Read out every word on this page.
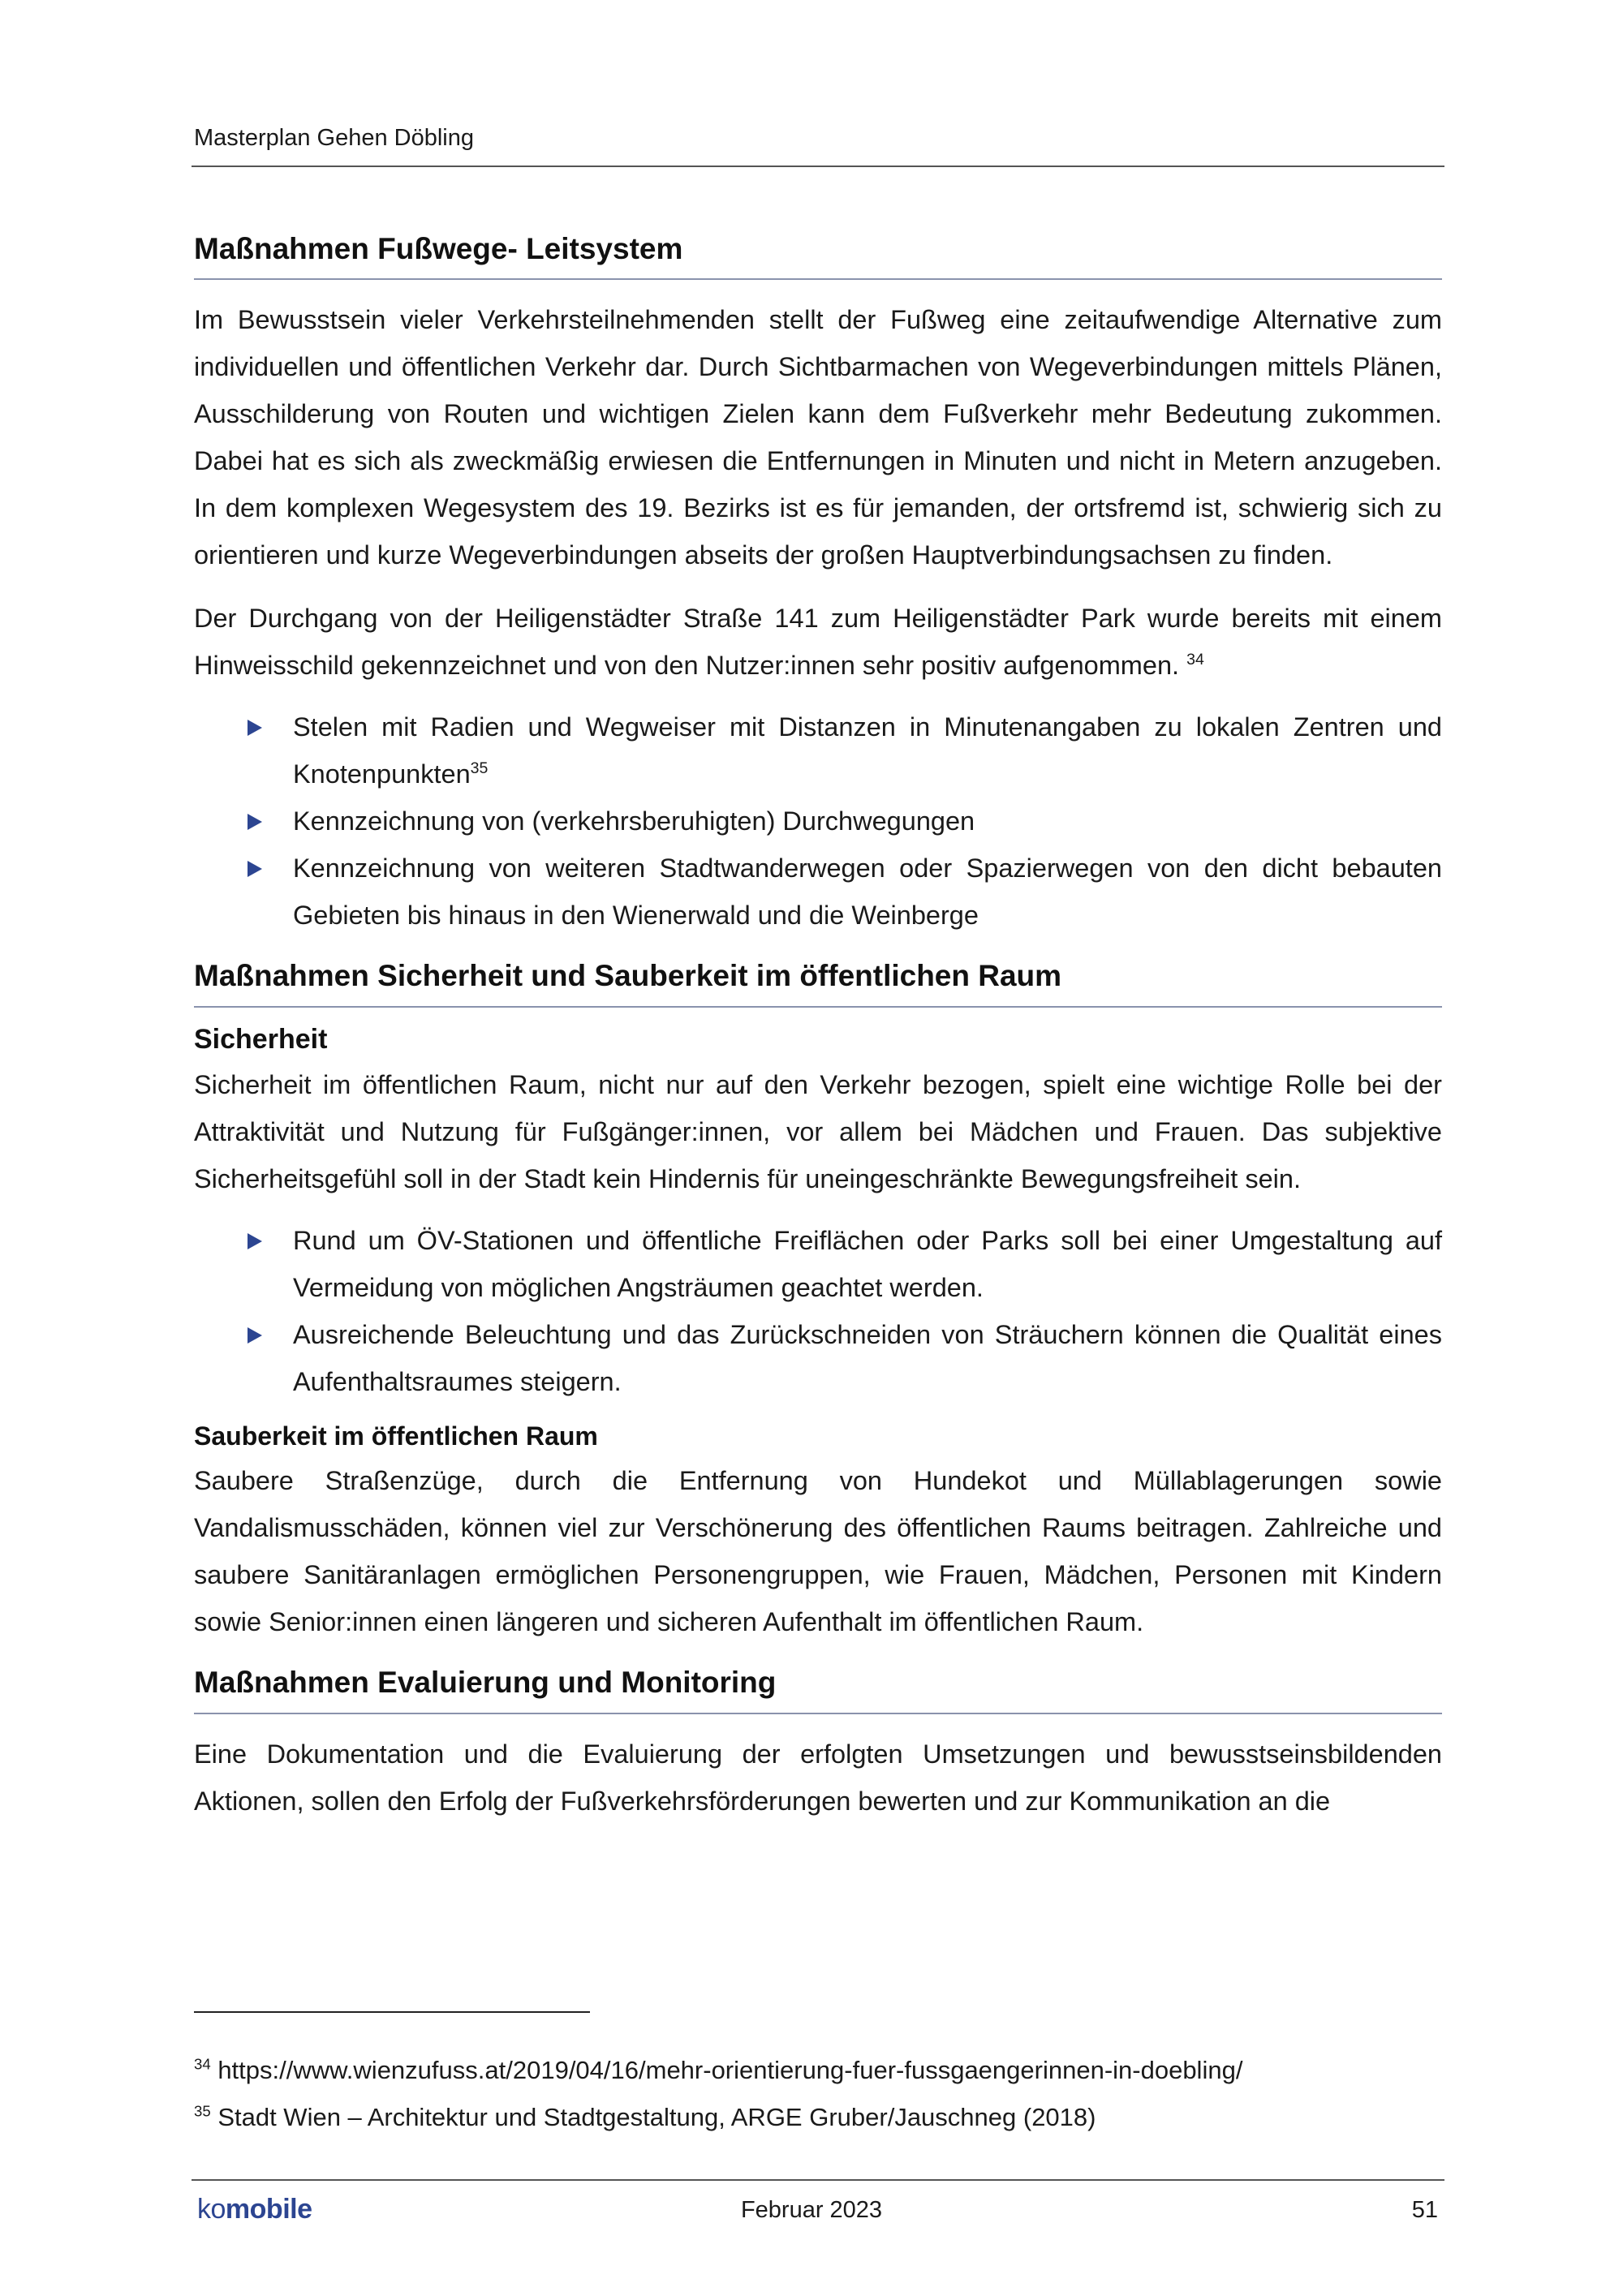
Masterplan Gehen Döbling
Maßnahmen Fußwege- Leitsystem

Im Bewusstsein vieler Verkehrsteilnehmenden stellt der Fußweg eine zeitaufwendige Alternative zum individuellen und öffentlichen Verkehr dar. Durch Sichtbarmachen von Wegeverbindungen mittels Plänen, Ausschilderung von Routen und wichtigen Zielen kann dem Fußverkehr mehr Bedeutung zukommen. Dabei hat es sich als zweckmäßig erwiesen die Entfernungen in Minuten und nicht in Metern anzugeben. In dem komplexen Wegesystem des 19. Bezirks ist es für jemanden, der ortsfremd ist, schwierig sich zu orientieren und kurze Wegeverbindungen abseits der großen Hauptverbindungsachsen zu finden.

Der Durchgang von der Heiligenstädter Straße 141 zum Heiligenstädter Park wurde bereits mit einem Hinweisschild gekennzeichnet und von den Nutzer:innen sehr positiv aufgenommen. $^{34}$

Stelen mit Radien und Wegweiser mit Distanzen in Minutenangaben zu lokalen Zentren und Knotenpunkten$^{35}$
Kennzeichnung von (verkehrsberuhigten) Durchwegungen
Kennzeichnung von weiteren Stadtwanderwegen oder Spazierwegen von den dicht bebauten Gebieten bis hinaus in den Wienerwald und die Weinberge
Maßnahmen Sicherheit und Sauberkeit im öffentlichen Raum
Sicherheit

Sicherheit im öffentlichen Raum, nicht nur auf den Verkehr bezogen, spielt eine wichtige Rolle bei der Attraktivität und Nutzung für Fußgänger:innen, vor allem bei Mädchen und Frauen. Das subjektive Sicherheitsgefühl soll in der Stadt kein Hindernis für uneingeschränkte Bewegungsfreiheit sein.

Rund um ÖV-Stationen und öffentliche Freiflächen oder Parks soll bei einer Umgestaltung auf Vermeidung von möglichen Angsträumen geachtet werden.
Ausreichende Beleuchtung und das Zurückschneiden von Sträuchern können die Qualität eines Aufenthaltsraumes steigern.
Sauberkeit im öffentlichen Raum

Saubere Straßenzüge, durch die Entfernung von Hundekot und Müllablagerungen sowie Vandalismusschäden, können viel zur Verschönerung des öffentlichen Raums beitragen. Zahlreiche und saubere Sanitäranlagen ermöglichen Personengruppen, wie Frauen, Mädchen, Personen mit Kindern sowie Senior:innen einen längeren und sicheren Aufenthalt im öffentlichen Raum.

Maßnahmen Evaluierung und Monitoring

Eine Dokumentation und die Evaluierung der erfolgten Umsetzungen und bewusstseinsbildenden Aktionen, sollen den Erfolg der Fußverkehrsförderungen bewerten und zur Kommunikation an die

$^{34}$ https://www.wienzufuss.at/2019/04/16/mehr-orientierung-fuer-fussgaengerinnen-in-doebling/

$^{35}$ Stadt Wien – Architektur und Stadtgestaltung, ARGE Gruber/Jauschneg (2018)

komobile	Februar 2023	51
